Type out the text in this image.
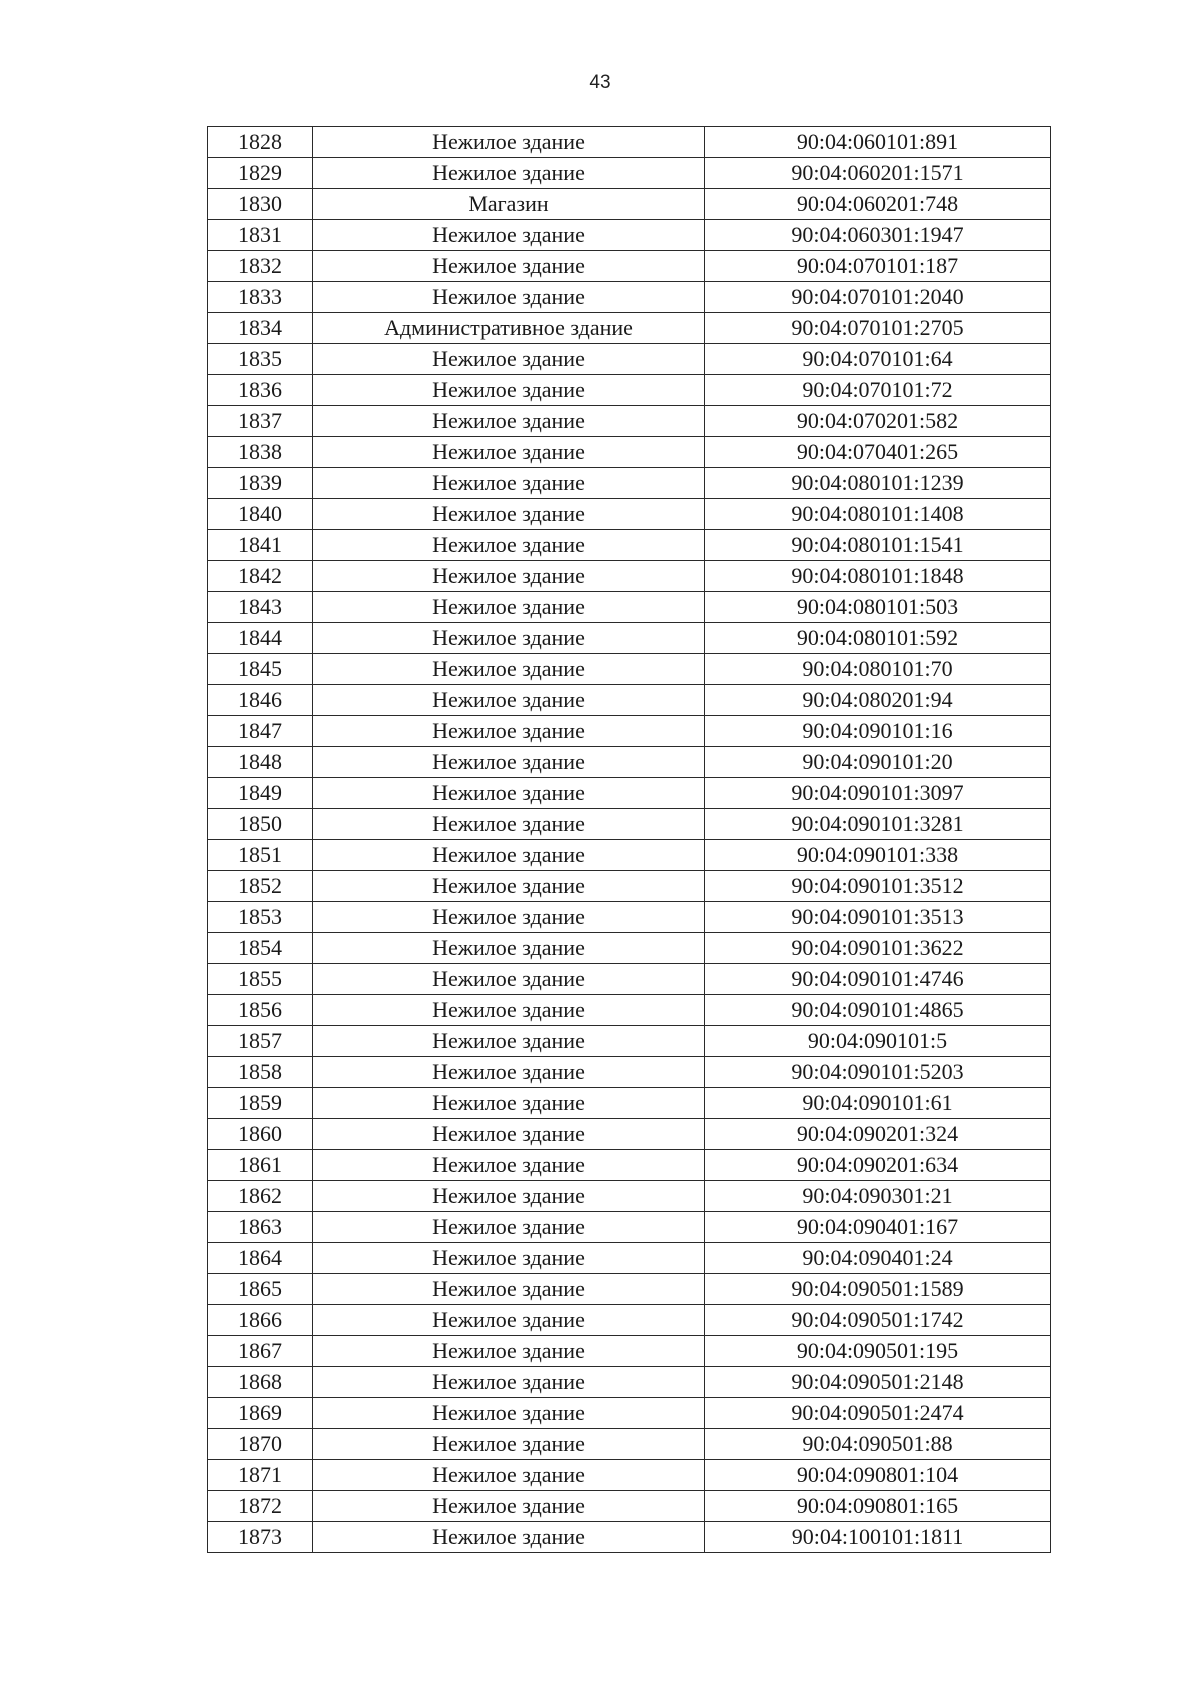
43
1828	Нежилое здание	90:04:060101:891
1829	Нежилое здание	90:04:060201:1571
1830	Магазин	90:04:060201:748
1831	Нежилое здание	90:04:060301:1947
1832	Нежилое здание	90:04:070101:187
1833	Нежилое здание	90:04:070101:2040
1834	Административное здание	90:04:070101:2705
1835	Нежилое здание	90:04:070101:64
1836	Нежилое здание	90:04:070101:72
1837	Нежилое здание	90:04:070201:582
1838	Нежилое здание	90:04:070401:265
1839	Нежилое здание	90:04:080101:1239
1840	Нежилое здание	90:04:080101:1408
1841	Нежилое здание	90:04:080101:1541
1842	Нежилое здание	90:04:080101:1848
1843	Нежилое здание	90:04:080101:503
1844	Нежилое здание	90:04:080101:592
1845	Нежилое здание	90:04:080101:70
1846	Нежилое здание	90:04:080201:94
1847	Нежилое здание	90:04:090101:16
1848	Нежилое здание	90:04:090101:20
1849	Нежилое здание	90:04:090101:3097
1850	Нежилое здание	90:04:090101:3281
1851	Нежилое здание	90:04:090101:338
1852	Нежилое здание	90:04:090101:3512
1853	Нежилое здание	90:04:090101:3513
1854	Нежилое здание	90:04:090101:3622
1855	Нежилое здание	90:04:090101:4746
1856	Нежилое здание	90:04:090101:4865
1857	Нежилое здание	90:04:090101:5
1858	Нежилое здание	90:04:090101:5203
1859	Нежилое здание	90:04:090101:61
1860	Нежилое здание	90:04:090201:324
1861	Нежилое здание	90:04:090201:634
1862	Нежилое здание	90:04:090301:21
1863	Нежилое здание	90:04:090401:167
1864	Нежилое здание	90:04:090401:24
1865	Нежилое здание	90:04:090501:1589
1866	Нежилое здание	90:04:090501:1742
1867	Нежилое здание	90:04:090501:195
1868	Нежилое здание	90:04:090501:2148
1869	Нежилое здание	90:04:090501:2474
1870	Нежилое здание	90:04:090501:88
1871	Нежилое здание	90:04:090801:104
1872	Нежилое здание	90:04:090801:165
1873	Нежилое здание	90:04:100101:1811
